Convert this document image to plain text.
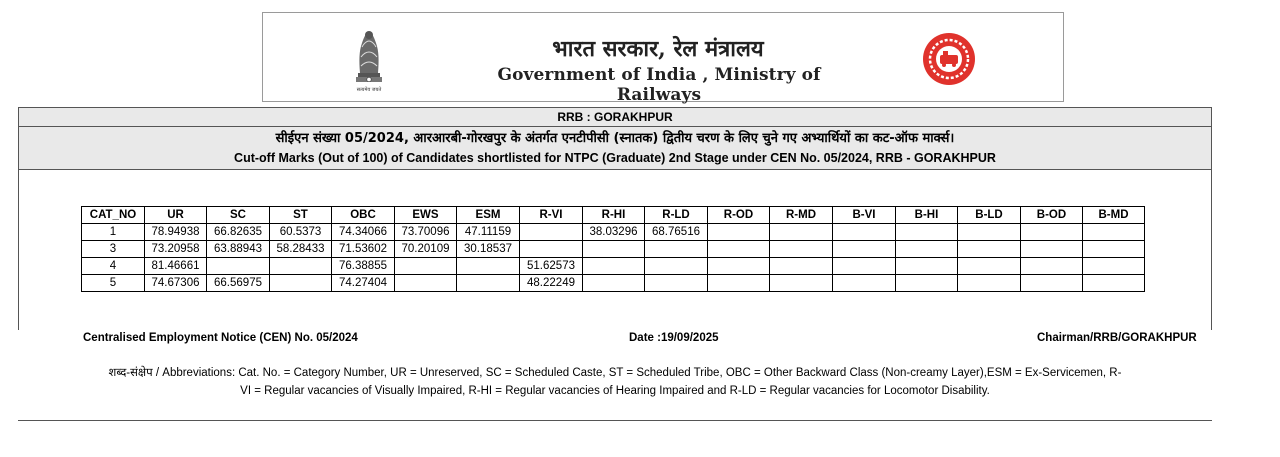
सत्यमेव जयते
भारत सरकार, रेल मंत्रालय
Government of India , Ministry of Railways
RRB : GORAKHPUR
सीईएन संख्या 05/2024, आरआरबी-गोरखपुर के अंतर्गत एनटीपीसी (स्नातक) द्वितीय चरण के लिए चुने गए अभ्यार्थियों का कट-ऑफ मार्क्स।
Cut-off Marks (Out of 100) of Candidates shortlisted for NTPC (Graduate) 2nd Stage under CEN No. 05/2024, RRB - GORAKHPUR
CAT_NO	UR	SC	ST	OBC	EWS	ESM	R-VI	R-HI	R-LD	R-OD	R-MD	B-VI	B-HI	B-LD	B-OD	B-MD
1	78.94938	66.82635	60.5373	74.34066	73.70096	47.11159		38.03296	68.76516							
3	73.20958	63.88943	58.28433	71.53602	70.20109	30.18537										
4	81.46661			76.38855			51.62573									
5	74.67306	66.56975		74.27404			48.22249									
Centralised Employment Notice (CEN) No. 05/2024	Date :19/09/2025	Chairman/RRB/GORAKHPUR
शब्द-संक्षेप / Abbreviations: Cat. No. = Category Number, UR = Unreserved, SC = Scheduled Caste, ST = Scheduled Tribe, OBC = Other Backward Class (Non-creamy Layer),ESM = Ex-Servicemen, R-
VI = Regular vacancies of Visually Impaired, R-HI = Regular vacancies of Hearing Impaired and R-LD = Regular vacancies for Locomotor Disability.
